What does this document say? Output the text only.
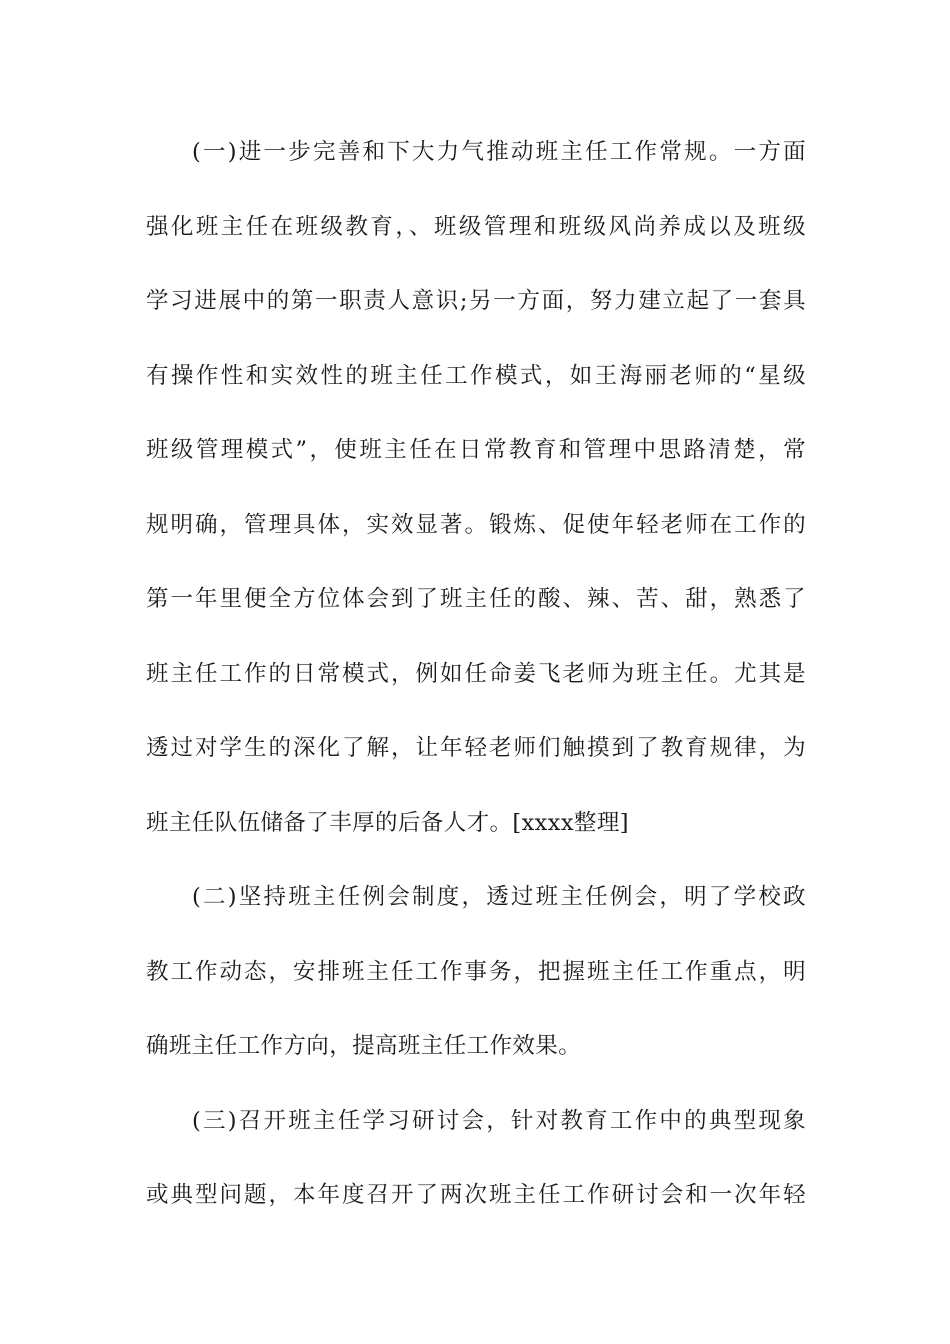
(一)进一步完善和下大力气推动班主任工作常规。一方面
强化班主任在班级教育，、班级管理和班级风尚养成以及班级
学习进展中的第一职责人意识;另一方面，努力建立起了一套具
有操作性和实效性的班主任工作模式，如王海丽老师的“星级
班级管理模式”，使班主任在日常教育和管理中思路清楚，常
规明确，管理具体，实效显著。锻炼、促使年轻老师在工作的
第一年里便全方位体会到了班主任的酸、辣、苦、甜，熟悉了
班主任工作的日常模式，例如任命姜飞老师为班主任。尤其是
透过对学生的深化了解，让年轻老师们触摸到了教育规律，为
班主任队伍储备了丰厚的后备人才。[xxxx整理]

(二)坚持班主任例会制度，透过班主任例会，明了学校政
教工作动态，安排班主任工作事务，把握班主任工作重点，明
确班主任工作方向，提高班主任工作效果。

(三)召开班主任学习研讨会，针对教育工作中的典型现象
或典型问题，本年度召开了两次班主任工作研讨会和一次年轻
